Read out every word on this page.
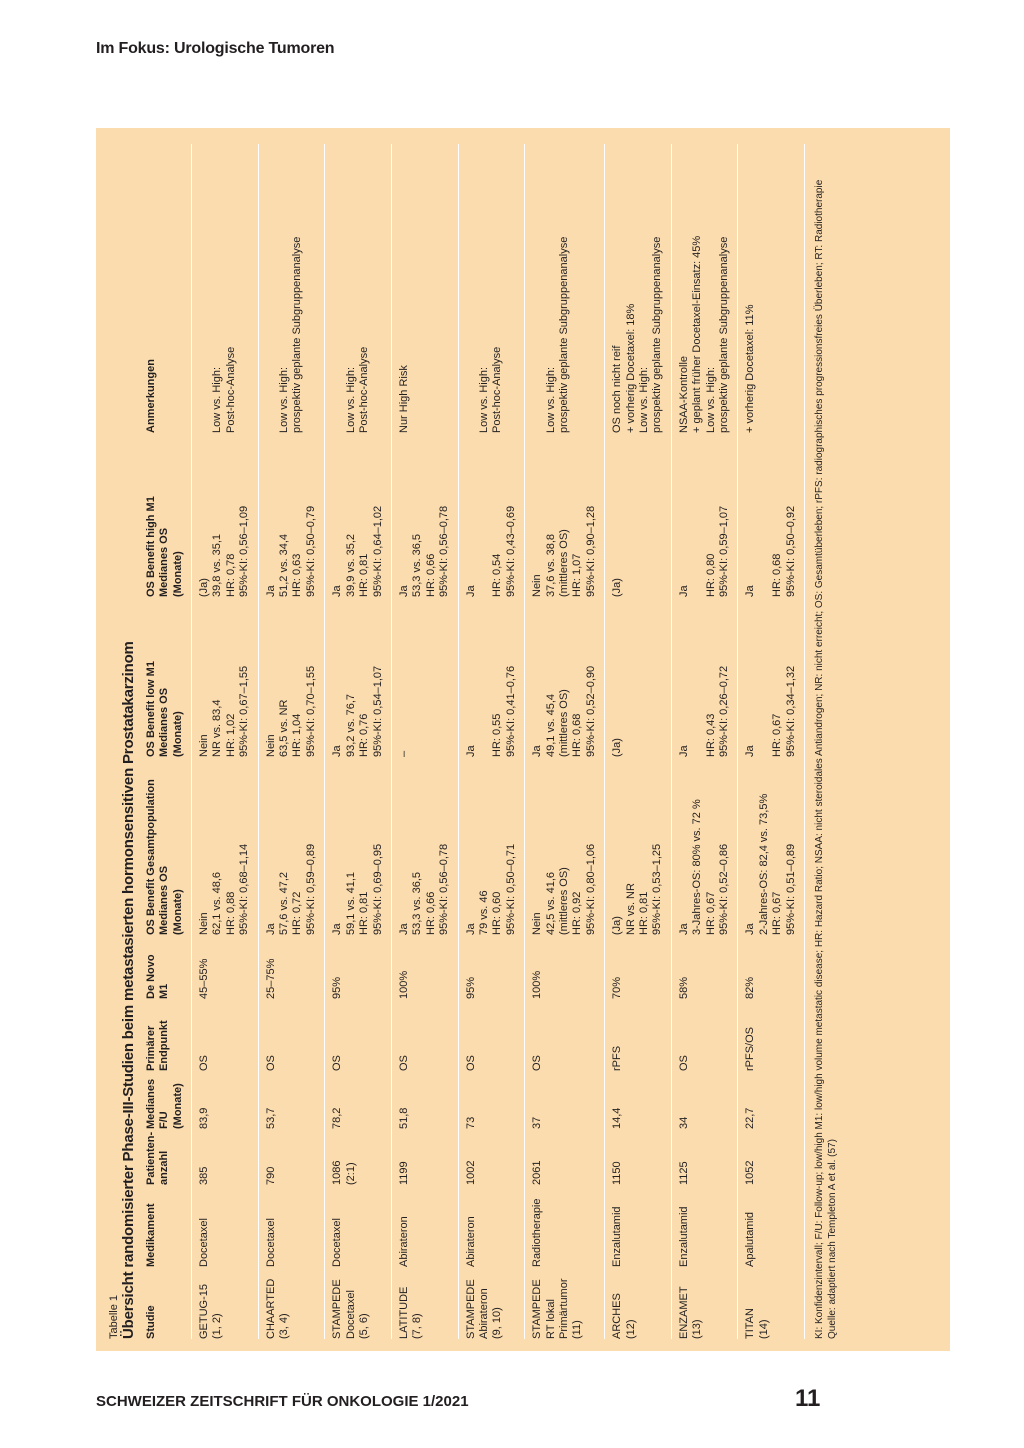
Im Fokus: Urologische Tumoren
Tabelle 1 Übersicht randomisierter Phase-III-Studien beim metastasierten hormonsensitiven Prostatakarzinom Studie	Medikament	Patienten-
anzahl	Medianes
F/U
(Monate)	Primärer
Endpunkt	De Novo M1	OS Benefit Gesamtpopulation
Medianes OS
(Monate)	OS Benefit low M1
Medianes OS
(Monate)	OS Benefit high M1
Medianes OS
(Monate)	Anmerkungen
GETUG-15
(1, 2)	Docetaxel	385	83,9	OS	45–55%	Nein
62,1 vs. 48,6
HR: 0,88
95%-KI: 0,68–1,14	Nein
NR vs. 83,4
HR: 1,02
95%-KI: 0,67–1,55	(Ja)
39,8 vs. 35,1
HR: 0,78
95%-KI: 0,56–1,09	
Low vs. High:
Post-hoc-Analyse
CHAARTED
(3, 4)	Docetaxel	790	53,7	OS	25–75%	Ja
57,6 vs. 47,2
HR: 0,72
95%-KI: 0,59–0,89	Nein
63,5 vs. NR
HR: 1,04
95%-KI: 0,70–1,55	Ja
51,2 vs. 34,4
HR: 0,63
95%-KI: 0,50–0,79	
Low vs. High:
prospektiv geplante Subgruppenanalyse
STAMPEDE
Docetaxel
(5, 6)	Docetaxel	1086
(2:1)	78,2	OS	95%	Ja
59,1 vs. 41,1
HR: 0,81
95%-KI: 0,69–0,95	Ja
93,2 vs. 76,7
HR: 0,76
95%-KI: 0,54–1,07	Ja
39,9 vs. 35,2
HR: 0,81
95%-KI: 0,64–1,02	
Low vs. High:
Post-hoc-Analyse
LATITUDE
(7, 8)	Abirateron	1199	51,8	OS	100%	Ja
53,3 vs. 36,5
HR: 0,66
95%-KI: 0,56–0,78	–	Ja
53,3 vs. 36,5
HR: 0,66
95%-KI: 0,56–0,78	Nur High Risk
STAMPEDE
Abirateron
(9, 10)	Abirateron	1002	73	OS	95%	Ja
79 vs. 46
HR: 0,60
95%-KI: 0,50–0,71	Ja

HR: 0,55
95%-KI: 0,41–0,76	Ja

HR: 0,54
95%-KI: 0,43–0,69	
Low vs. High:
Post-hoc-Analyse
STAMPEDE
RT lokal
Primärtumor
(11)	Radiotherapie	2061	37	OS	100%	Nein
42,5 vs. 41,6
(mittleres OS)
HR: 0,92
95%-KI: 0,80–1,06	Ja
49,1 vs. 45,4
(mittleres OS)
HR: 0,68
95%-KI: 0,52–0,90	Nein
37,6 vs. 38,8
(mittleres OS)
HR: 1,07
95%-KI: 0,90–1,28	
Low vs. High:
prospektiv geplante Subgruppenanalyse
ARCHES
(12)	Enzalutamid	1150	14,4	rPFS	70%	(Ja)
NR vs. NR
HR: 0,81
95%-KI: 0,53–1,25	(Ja)	(Ja)	OS noch nicht reif
+ vorherig Docetaxel: 18%
Low vs. High:
prospektiv geplante Subgruppenanalyse
ENZAMET
(13)	Enzalutamid	1125	34	OS	58%	Ja
3-Jahres-OS: 80% vs. 72 %
HR: 0,67
95%-KI: 0,52–0,86	Ja

HR: 0,43
95%-KI: 0,26–0,72	Ja

HR: 0,80
95%-KI: 0,59–1,07	NSAA-Kontrolle
+ geplant früher Docetaxel-Einsatz: 45%
Low vs. High:
prospektiv geplante Subgruppenanalyse
TITAN
(14)	Apalutamid	1052	22,7	rPFS/OS	82%	Ja
2-Jahres-OS: 82,4 vs. 73,5%
HR: 0,67
95%-KI: 0,51–0,89	Ja

HR: 0,67
95%-KI: 0,34–1,32	Ja

HR: 0,68
95%-KI: 0,50–0,92	+ vorherig Docetaxel: 11%	KI: Konfidenzintervall; F/U: Follow-up; low/high M1: low/high volume metastatic disease; HR: Hazard Ratio; NSAA: nicht steroidales Antiandrogen; NR: nicht erreicht; OS: Gesamtüberleben; rPFS: radiographisches progressionsfreies Überleben; RT: Radiotherapie Quelle: adaptiert nach Templeton A et al. (57)
SCHWEIZER ZEITSCHRIFT FÜR ONKOLOGIE 1/2021	11
